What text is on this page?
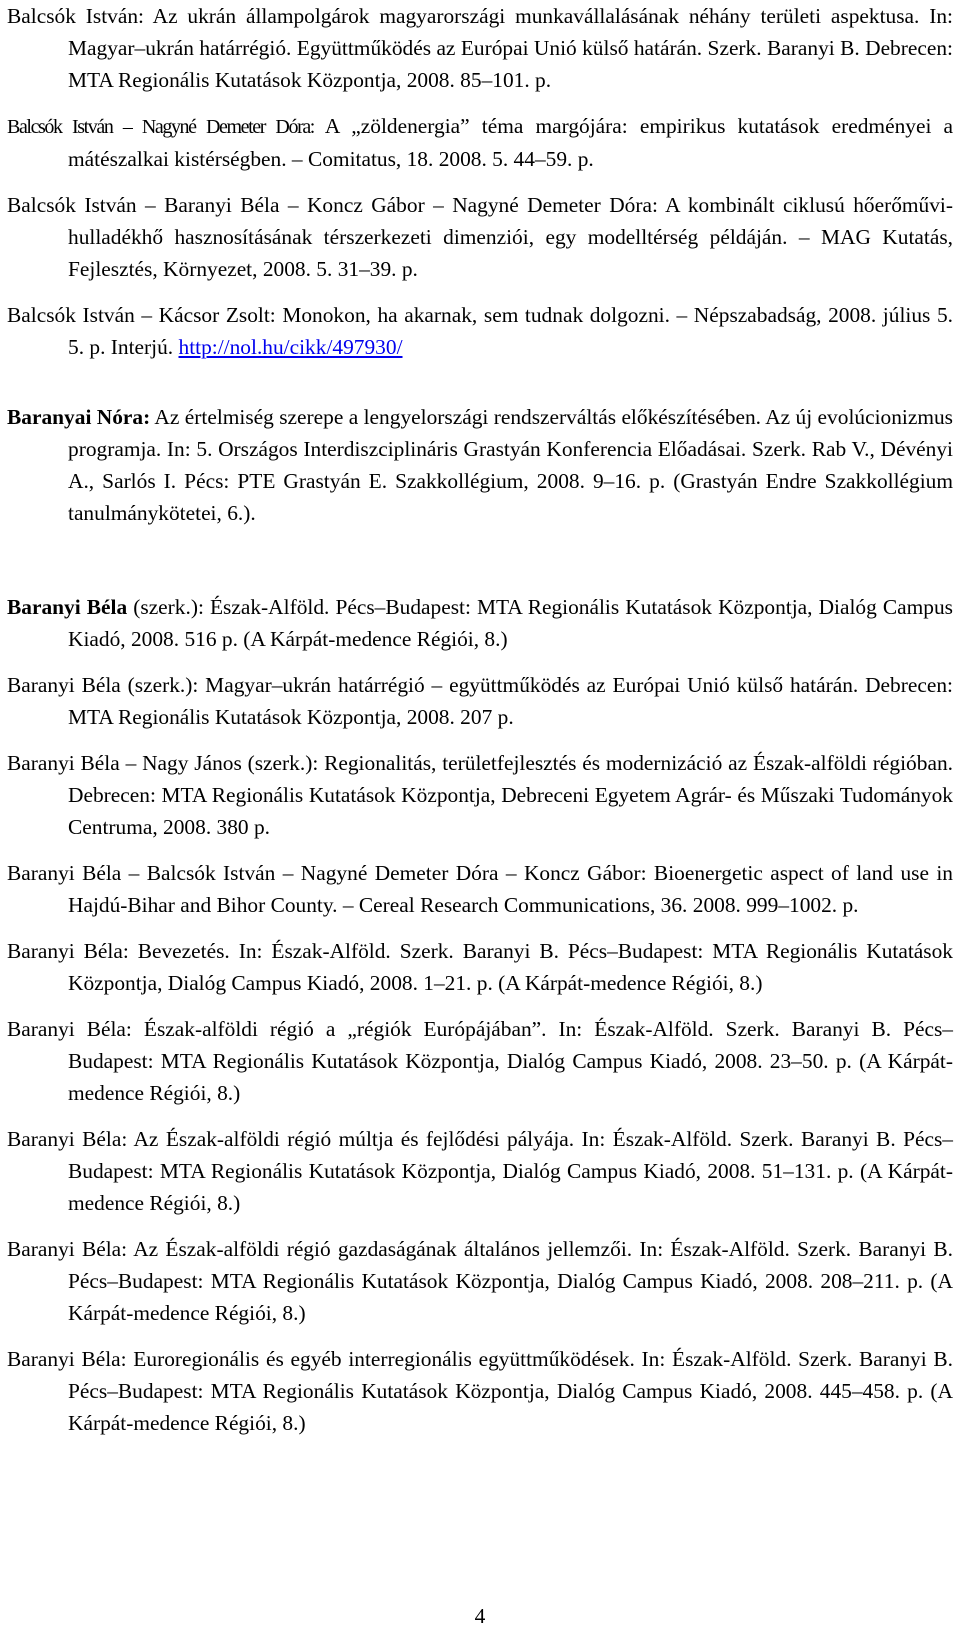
Balcsók István: Az ukrán állampolgárok magyarországi munkavállalásának néhány területi aspektusa. In: Magyar–ukrán határrégió. Együttműködés az Európai Unió külső határán. Szerk. Baranyi B. Debrecen: MTA Regionális Kutatások Központja, 2008. 85–101. p.

Balcsók István – Nagyné Demeter Dóra: A „zöldenergia” téma margójára: empirikus kutatások eredményei a mátészalkai kistérségben. – Comitatus, 18. 2008. 5. 44–59. p.

Balcsók István – Baranyi Béla – Koncz Gábor – Nagyné Demeter Dóra: A kombinált ciklusú hőerőművi-hulladékhő hasznosításának térszerkezeti dimenziói, egy modelltérség példáján. – MAG Kutatás, Fejlesztés, Környezet, 2008. 5. 31–39. p.

Balcsók István – Kácsor Zsolt: Monokon, ha akarnak, sem tudnak dolgozni. – Népszabadság, 2008. július 5. 5. p. Interjú. http://nol.hu/cikk/497930/

Baranyai Nóra: Az értelmiség szerepe a lengyelországi rendszerváltás előkészítésében. Az új evolúcionizmus programja. In: 5. Országos Interdiszciplináris Grastyán Konferencia Előadásai. Szerk. Rab V., Dévényi A., Sarlós I. Pécs: PTE Grastyán E. Szakkollégium, 2008. 9–16. p. (Grastyán Endre Szakkollégium tanulmánykötetei, 6.).

Baranyi Béla (szerk.): Észak-Alföld. Pécs–Budapest: MTA Regionális Kutatások Központja, Dialóg Campus Kiadó, 2008. 516 p. (A Kárpát-medence Régiói, 8.)

Baranyi Béla (szerk.): Magyar–ukrán határrégió – együttműködés az Európai Unió külső határán. Debrecen: MTA Regionális Kutatások Központja, 2008. 207 p.

Baranyi Béla – Nagy János (szerk.): Regionalitás, területfejlesztés és modernizáció az Észak-alföldi régióban. Debrecen: MTA Regionális Kutatások Központja, Debreceni Egyetem Agrár- és Műszaki Tudományok Centruma, 2008. 380 p.

Baranyi Béla – Balcsók István – Nagyné Demeter Dóra – Koncz Gábor: Bioenergetic aspect of land use in Hajdú-Bihar and Bihor County. – Cereal Research Communications, 36. 2008. 999–1002. p.

Baranyi Béla: Bevezetés. In: Észak-Alföld. Szerk. Baranyi B. Pécs–Budapest: MTA Regionális Kutatások Központja, Dialóg Campus Kiadó, 2008. 1–21. p. (A Kárpát-medence Régiói, 8.)

Baranyi Béla: Észak-alföldi régió a „régiók Európájában”. In: Észak-Alföld. Szerk. Baranyi B. Pécs–Budapest: MTA Regionális Kutatások Központja, Dialóg Campus Kiadó, 2008. 23–50. p. (A Kárpát-medence Régiói, 8.)

Baranyi Béla: Az Észak-alföldi régió múltja és fejlődési pályája. In: Észak-Alföld. Szerk. Baranyi B. Pécs–Budapest: MTA Regionális Kutatások Központja, Dialóg Campus Kiadó, 2008. 51–131. p. (A Kárpát-medence Régiói, 8.)

Baranyi Béla: Az Észak-alföldi régió gazdaságának általános jellemzői. In: Észak-Alföld. Szerk. Baranyi B. Pécs–Budapest: MTA Regionális Kutatások Központja, Dialóg Campus Kiadó, 2008. 208–211. p. (A Kárpát-medence Régiói, 8.)

Baranyi Béla: Euroregionális és egyéb interregionális együttműködések. In: Észak-Alföld. Szerk. Baranyi B. Pécs–Budapest: MTA Regionális Kutatások Központja, Dialóg Campus Kiadó, 2008. 445–458. p. (A Kárpát-medence Régiói, 8.)

4
